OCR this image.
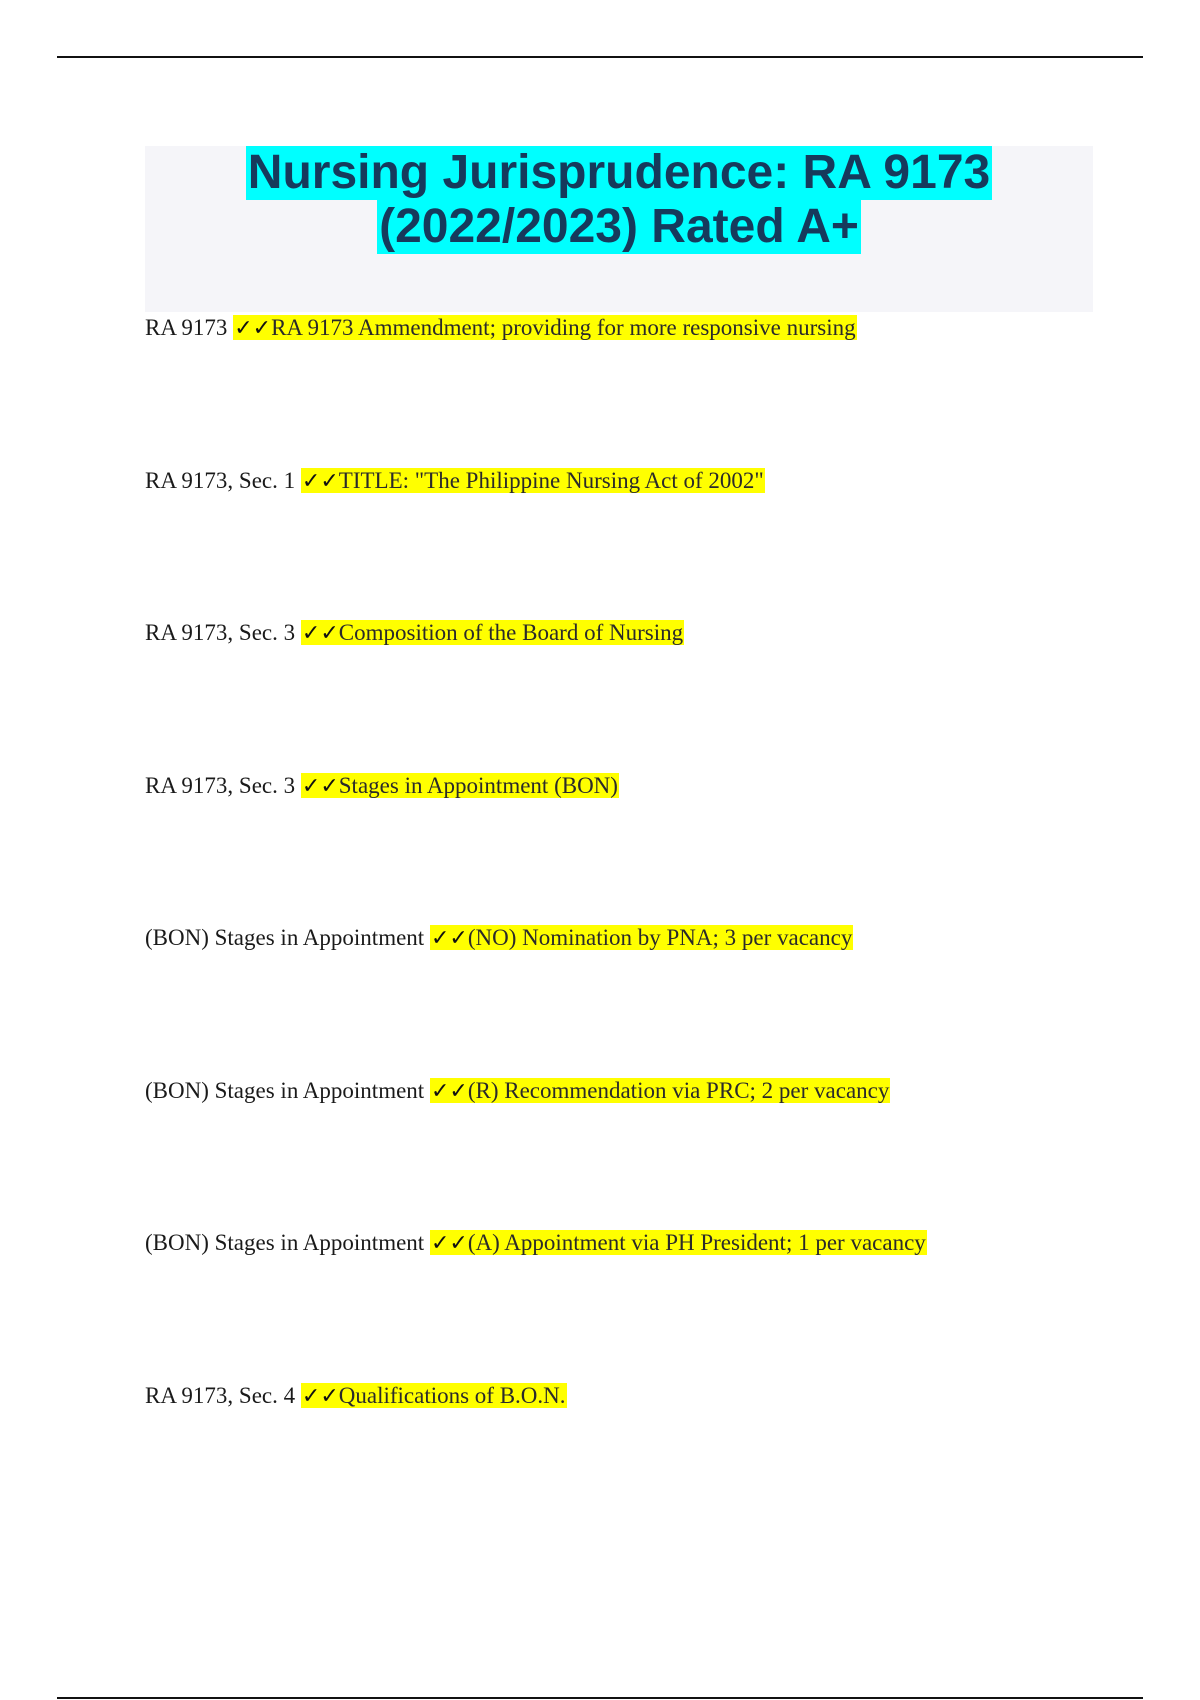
Nursing Jurisprudence: RA 9173
(2022/2023) Rated A+
RA 9173 ✓✓RA 9173 Ammendment; providing for more responsive nursing
RA 9173, Sec. 1 ✓✓TITLE: "The Philippine Nursing Act of 2002"
RA 9173, Sec. 3 ✓✓Composition of the Board of Nursing
RA 9173, Sec. 3 ✓✓Stages in Appointment (BON)
(BON) Stages in Appointment ✓✓(NO) Nomination by PNA; 3 per vacancy
(BON) Stages in Appointment ✓✓(R) Recommendation via PRC; 2 per vacancy
(BON) Stages in Appointment ✓✓(A) Appointment via PH President; 1 per vacancy
RA 9173, Sec. 4 ✓✓Qualifications of B.O.N.
